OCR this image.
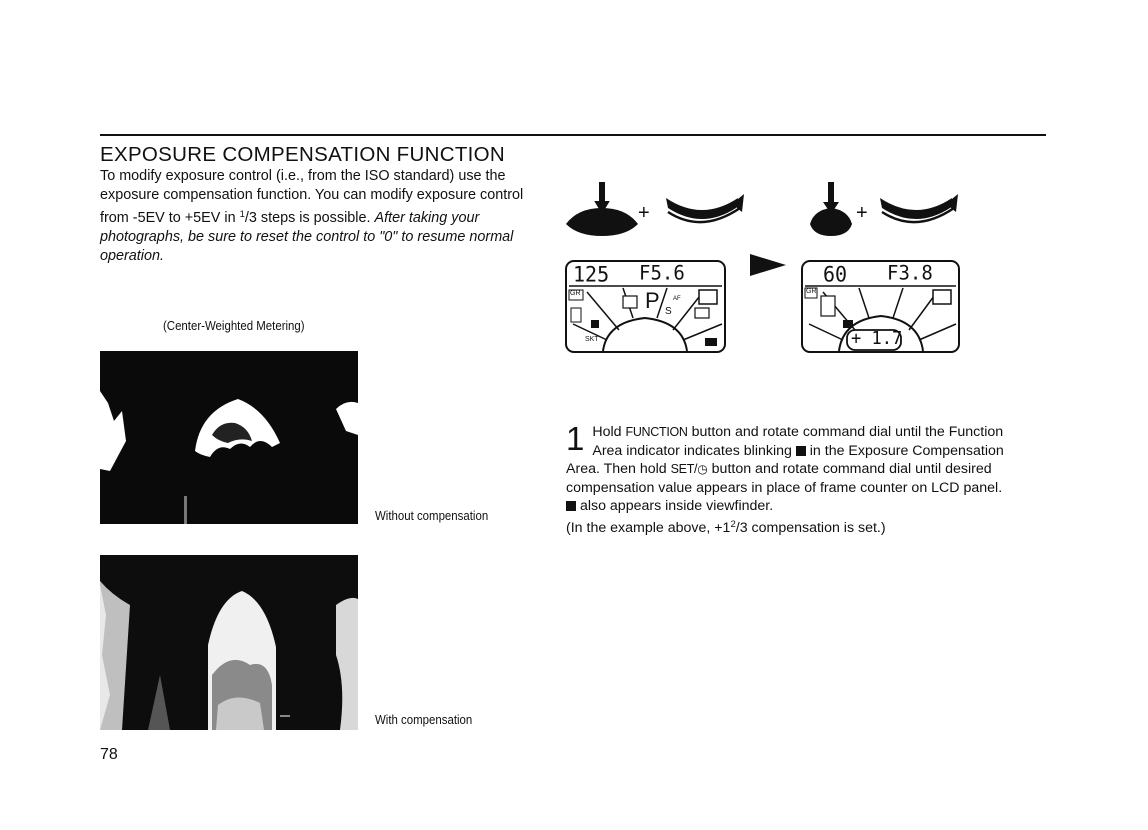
EXPOSURE COMPENSATION FUNCTION
To modify exposure control (i.e., from the ISO standard) use the exposure compensation function. You can modify exposure control from -5EV to +5EV in $^1$/3 steps is possible. After taking your photographs, be sure to reset the control to "0" to resume normal operation.
(Center-Weighted Metering)
Without compensation
With compensation
78
+	+
125 F5.6
P
GR
SKT
S
AF
60 F3.8
+ 1.7
GR
1 Hold FUNCTION button and rotate command dial until the Function Area indicator indicates blinking  in the Exposure Compensation Area. Then hold SET/◷ button and rotate command dial until desired compensation value appears in place of frame counter on LCD panel.  also appears inside viewfinder.
(In the example above, $+1^2/3$ compensation is set.)
